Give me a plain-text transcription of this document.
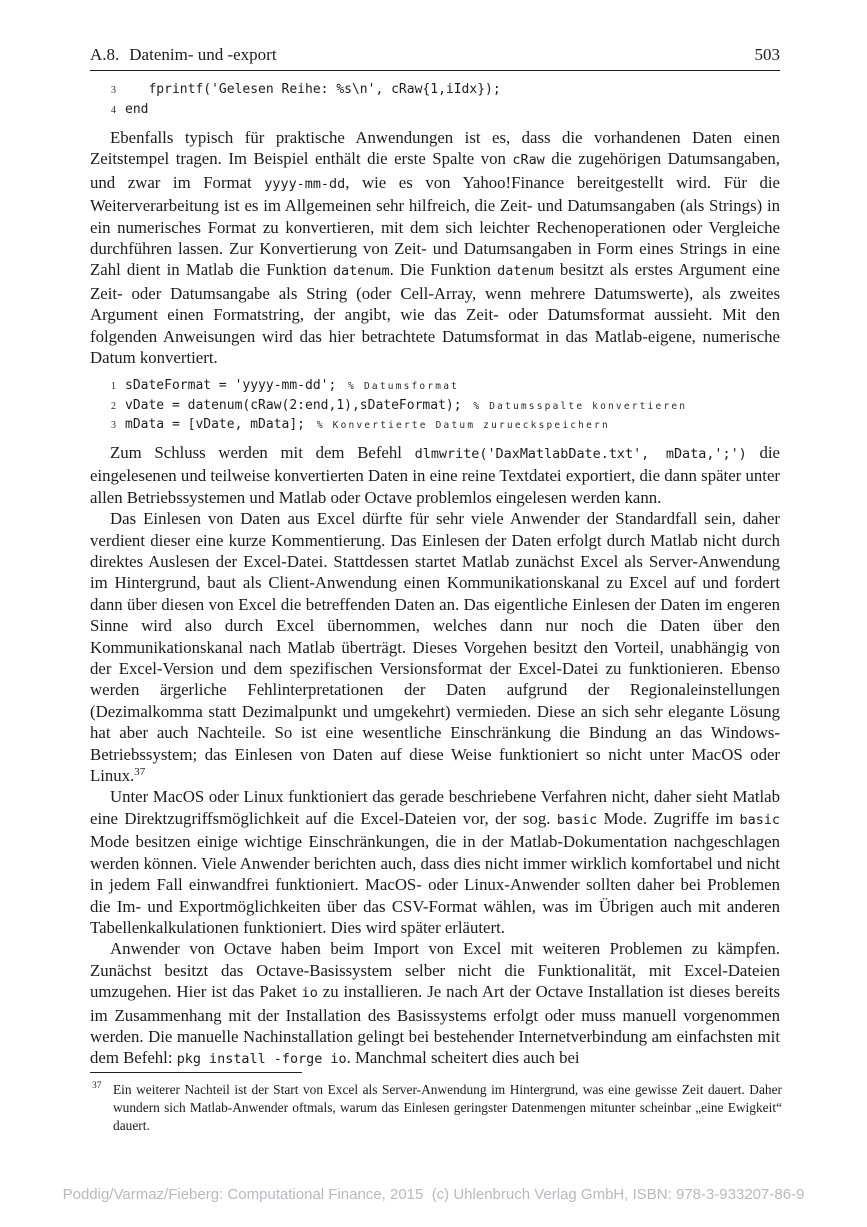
A.8. Datenim- und -export	503
3 fprintf('Gelesen Reihe: %s\n', cRaw{1,iIdx});
4 end

Ebenfalls typisch für praktische Anwendungen ist es, dass die vorhandenen Daten einen Zeitstempel tragen. Im Beispiel enthält die erste Spalte von cRaw die zugehörigen Datumsangaben, und zwar im Format yyyy-mm-dd, wie es von Yahoo!Finance bereitgestellt wird. Für die Weiterverarbeitung ist es im Allgemeinen sehr hilfreich, die Zeit- und Datumsangaben (als Strings) in ein numerisches Format zu konvertieren, mit dem sich leichter Rechenoperationen oder Vergleiche durchführen lassen. Zur Konvertierung von Zeit- und Datumsangaben in Form eines Strings in eine Zahl dient in Matlab die Funktion datenum. Die Funktion datenum besitzt als erstes Argument eine Zeit- oder Datumsangabe als String (oder Cell-Array, wenn mehrere Datumswerte), als zweites Argument einen Formatstring, der angibt, wie das Zeit- oder Datumsformat aussieht. Mit den folgenden Anweisungen wird das hier betrachtete Datumsformat in das Matlab-eigene, numerische Datum konvertiert.

1 sDateFormat = 'yyyy-mm-dd'; % Datumsformat
2 vDate = datenum(cRaw(2:end,1),sDateFormat); % Datumsspalte konvertieren
3 mData = [vDate, mData]; % Konvertierte Datum zurueckspeichern

Zum Schluss werden mit dem Befehl dlmwrite('DaxMatlabDate.txt', mData,';') die eingelesenen und teilweise konvertierten Daten in eine reine Textdatei exportiert, die dann später unter allen Betriebssystemen und Matlab oder Octave problemlos eingelesen werden kann.

Das Einlesen von Daten aus Excel dürfte für sehr viele Anwender der Standardfall sein, daher verdient dieser eine kurze Kommentierung. Das Einlesen der Daten erfolgt durch Matlab nicht durch direktes Auslesen der Excel-Datei. Stattdessen startet Matlab zunächst Excel als Server-Anwendung im Hintergrund, baut als Client-Anwendung einen Kommunikationskanal zu Excel auf und fordert dann über diesen von Excel die betreffenden Daten an. Das eigentliche Einlesen der Daten im engeren Sinne wird also durch Excel übernommen, welches dann nur noch die Daten über den Kommunikationskanal nach Matlab überträgt. Dieses Vorgehen besitzt den Vorteil, unabhängig von der Excel-Version und dem spezifischen Versionsformat der Excel-Datei zu funktionieren. Ebenso werden ärgerliche Fehlinterpretationen der Daten aufgrund der Regionaleinstellungen (Dezimalkomma statt Dezimalpunkt und umgekehrt) vermieden. Diese an sich sehr elegante Lösung hat aber auch Nachteile. So ist eine wesentliche Einschränkung die Bindung an das Windows-Betriebssystem; das Einlesen von Daten auf diese Weise funktioniert so nicht unter MacOS oder Linux.$^{37}$

Unter MacOS oder Linux funktioniert das gerade beschriebene Verfahren nicht, daher sieht Matlab eine Direktzugriffsmöglichkeit auf die Excel-Dateien vor, der sog. basic Mode. Zugriffe im basic Mode besitzen einige wichtige Einschränkungen, die in der Matlab-Dokumentation nachgeschlagen werden können. Viele Anwender berichten auch, dass dies nicht immer wirklich komfortabel und nicht in jedem Fall einwandfrei funktioniert. MacOS- oder Linux-Anwender sollten daher bei Problemen die Im- und Exportmöglichkeiten über das CSV-Format wählen, was im Übrigen auch mit anderen Tabellenkalkulationen funktioniert. Dies wird später erläutert.

Anwender von Octave haben beim Import von Excel mit weiteren Problemen zu kämpfen. Zunächst besitzt das Octave-Basissystem selber nicht die Funktionalität, mit Excel-Dateien umzugehen. Hier ist das Paket io zu installieren. Je nach Art der Octave Installation ist dieses bereits im Zusammenhang mit der Installation des Basissystems erfolgt oder muss manuell vorgenommen werden. Die manuelle Nachinstallation gelingt bei bestehender Internetverbindung am einfachsten mit dem Befehl: pkg install -forge io. Manchmal scheitert dies auch bei

37 Ein weiterer Nachteil ist der Start von Excel als Server-Anwendung im Hintergrund, was eine gewisse Zeit dauert. Daher wundern sich Matlab-Anwender oftmals, warum das Einlesen geringster Datenmengen mitunter scheinbar „eine Ewigkeit“ dauert.
Poddig/Varmaz/Fieberg: Computational Finance, 2015  (c) Uhlenbruch Verlag GmbH, ISBN: 978-3-933207-86-9
